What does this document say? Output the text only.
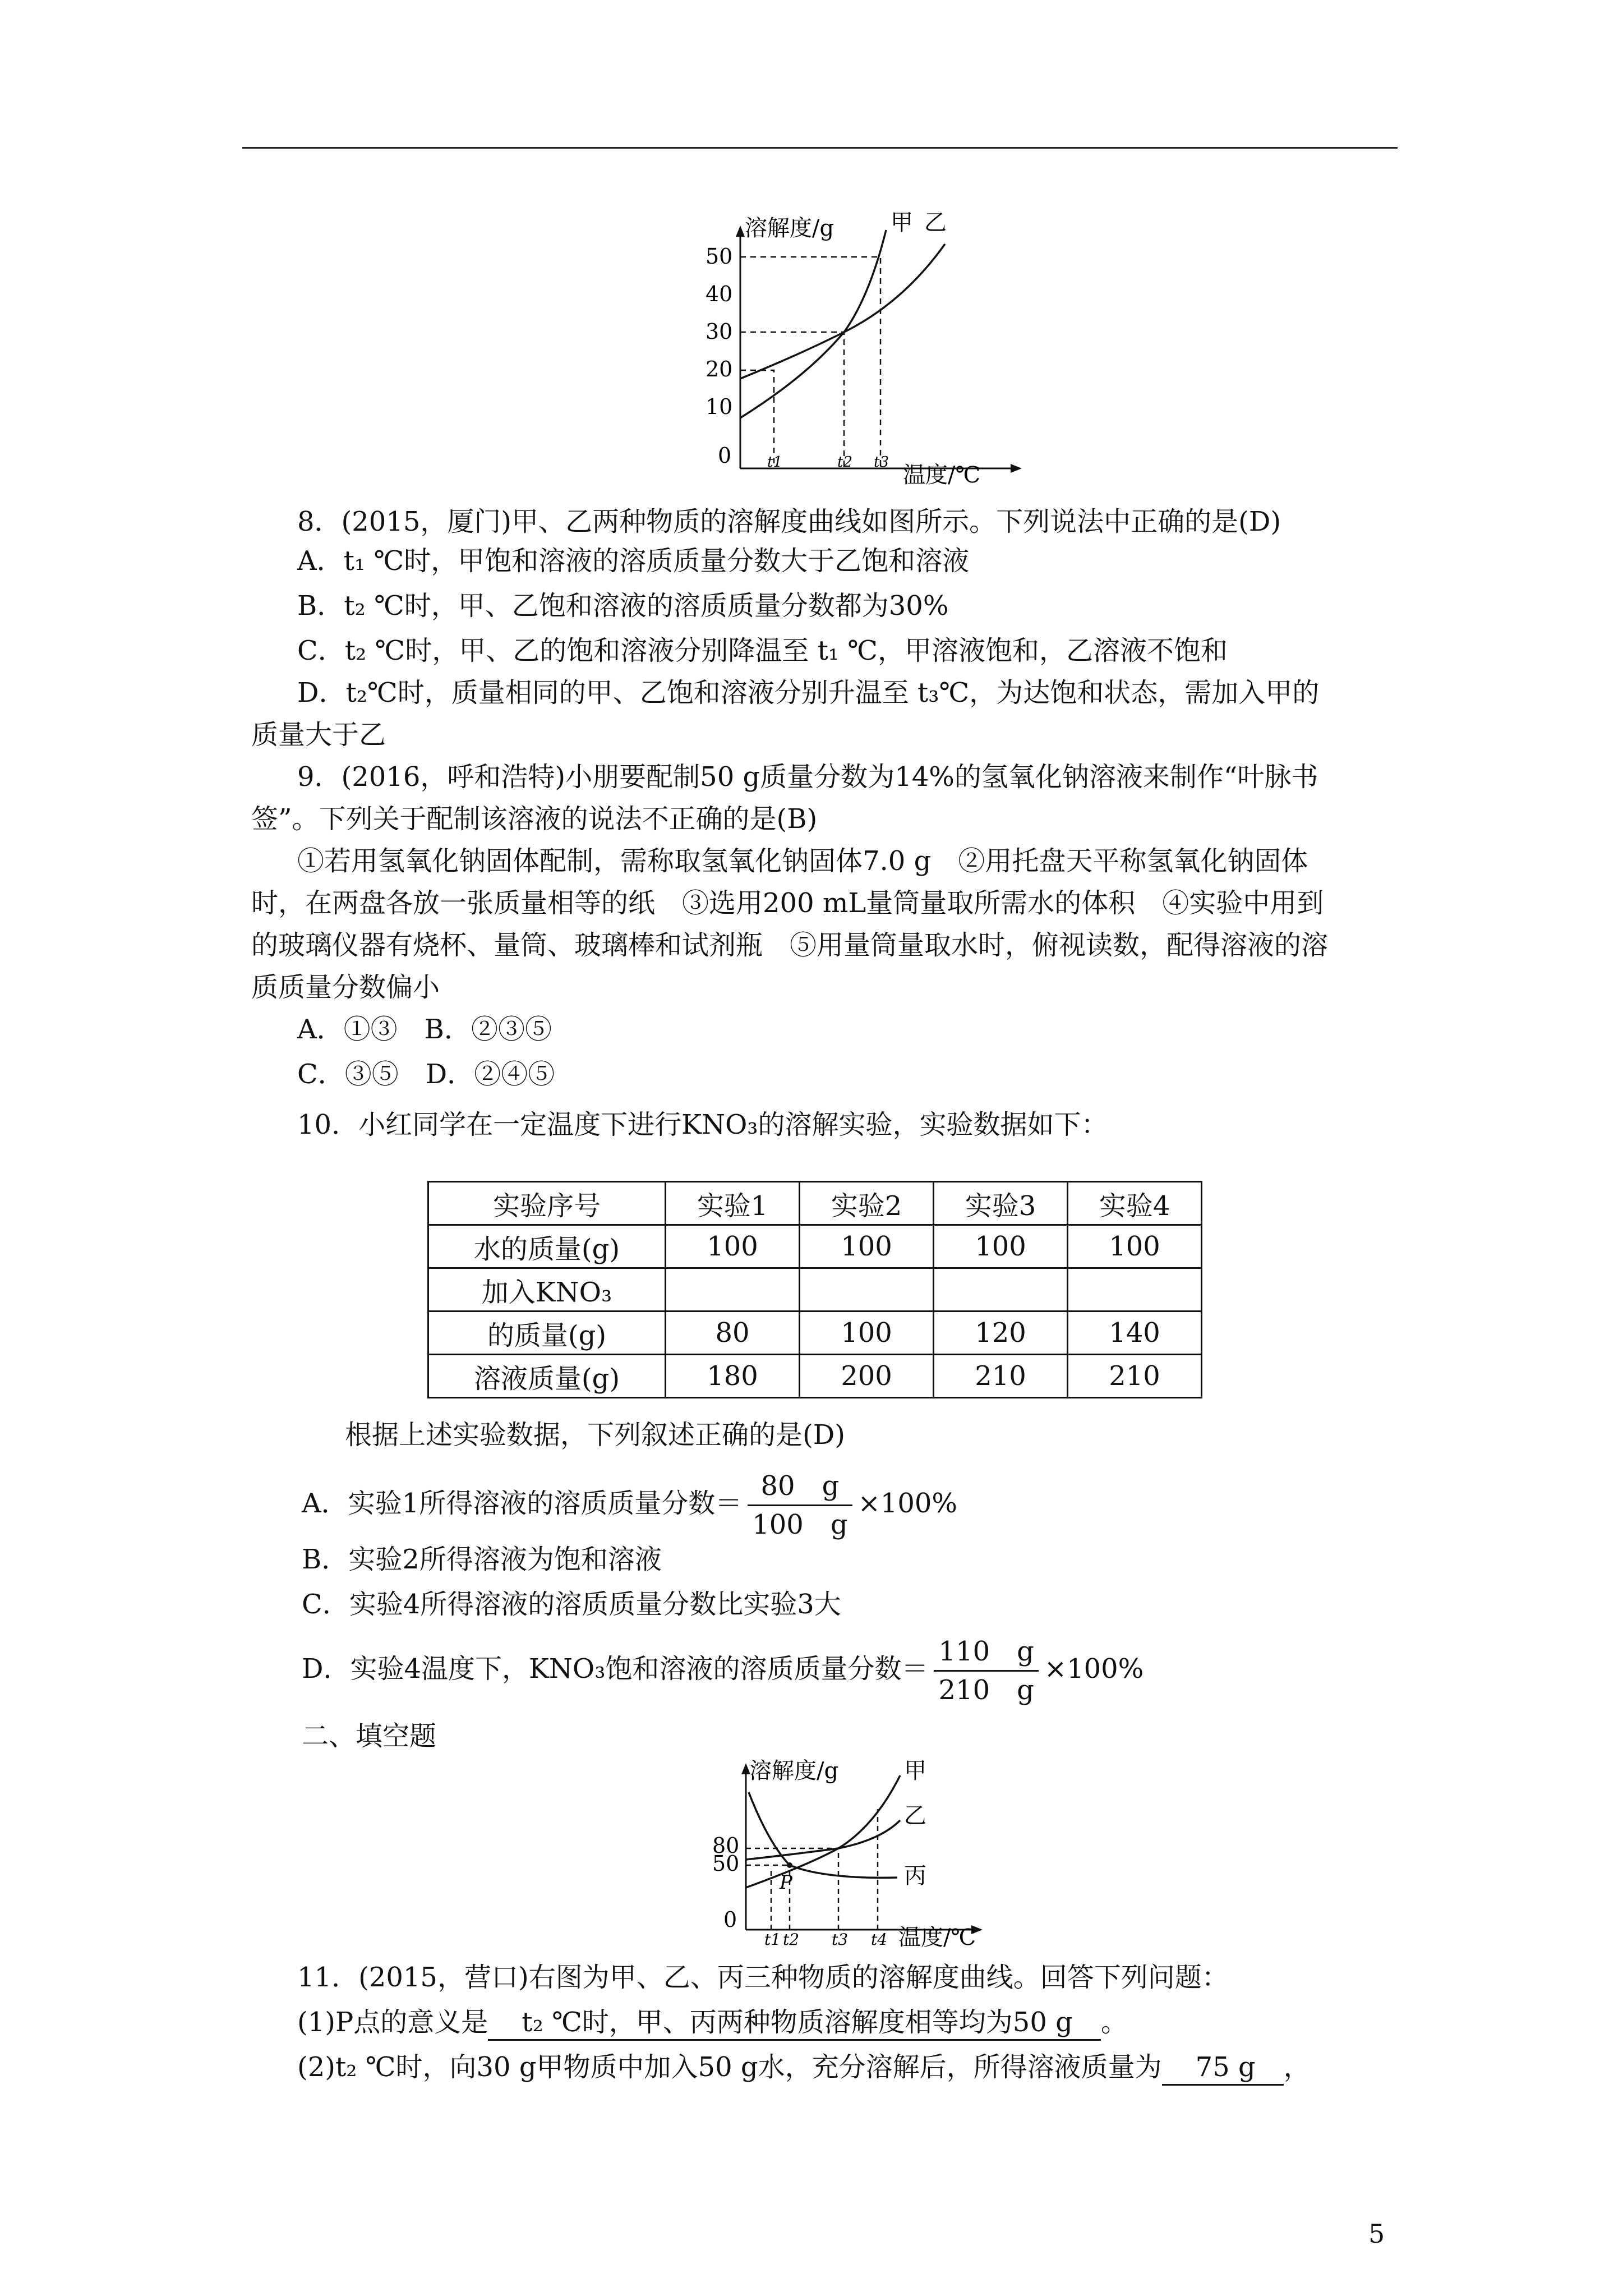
溶解度/g	甲 乙
50
40
30
20
10
0 t1	t2 t3 温度/℃
8．(2015，厦门)甲、乙两种物质的溶解度曲线如图所示。下列说法中正确的是(D)
A．t₁ ℃时，甲饱和溶液的溶质质量分数大于乙饱和溶液
B．t₂ ℃时，甲、乙饱和溶液的溶质质量分数都为30%
C．t₂ ℃时，甲、乙的饱和溶液分别降温至 t₁ ℃，甲溶液饱和，乙溶液不饱和
D．t₂℃时，质量相同的甲、乙饱和溶液分别升温至 t₃℃，为达饱和状态，需加入甲的
质量大于乙
9．(2016，呼和浩特)小朋要配制50 g质量分数为14%的氢氧化钠溶液来制作“叶脉书
签”。下列关于配制该溶液的说法不正确的是(B)
①若用氢氧化钠固体配制，需称取氢氧化钠固体7.0 g　②用托盘天平称氢氧化钠固体
时，在两盘各放一张质量相等的纸　③选用200 mL量筒量取所需水的体积　④实验中用到
的玻璃仪器有烧杯、量筒、玻璃棒和试剂瓶　⑤用量筒量取水时，俯视读数，配得溶液的溶
质质量分数偏小
A．①③　B．②③⑤
C．③⑤　D．②④⑤
10．小红同学在一定温度下进行KNO₃的溶解实验，实验数据如下：
实验序号	实验1	实验2	实验3	实验4
水的质量(g)	100	100	100	100
加入KNO₃				
的质量(g)	80	100	120	140
溶液质量(g)	180	200	210	210
根据上述实验数据，下列叙述正确的是(D)
A．实验1所得溶液的溶质质量分数＝ $\frac{80 g}{100 g} \times 100\%$
B．实验2所得溶液为饱和溶液
C．实验4所得溶液的溶质质量分数比实验3大
D．实验4温度下，KNO₃饱和溶液的溶质质量分数＝ $\frac{110 g}{210 g} \times 100\%$
二、填空题
溶解度/g	甲
乙
丙
P
80
50
0
t1 t2 t3 t4 温度/℃
11．(2015，营口)右图为甲、乙、丙三种物质的溶解度曲线。回答下列问题：
(1)P点的意义是 t₂ ℃时，甲、丙两种物质溶解度相等均为50 g 。
(2)t₂ ℃时，向30 g甲物质中加入50 g水，充分溶解后，所得溶液质量为 75 g ，
5
